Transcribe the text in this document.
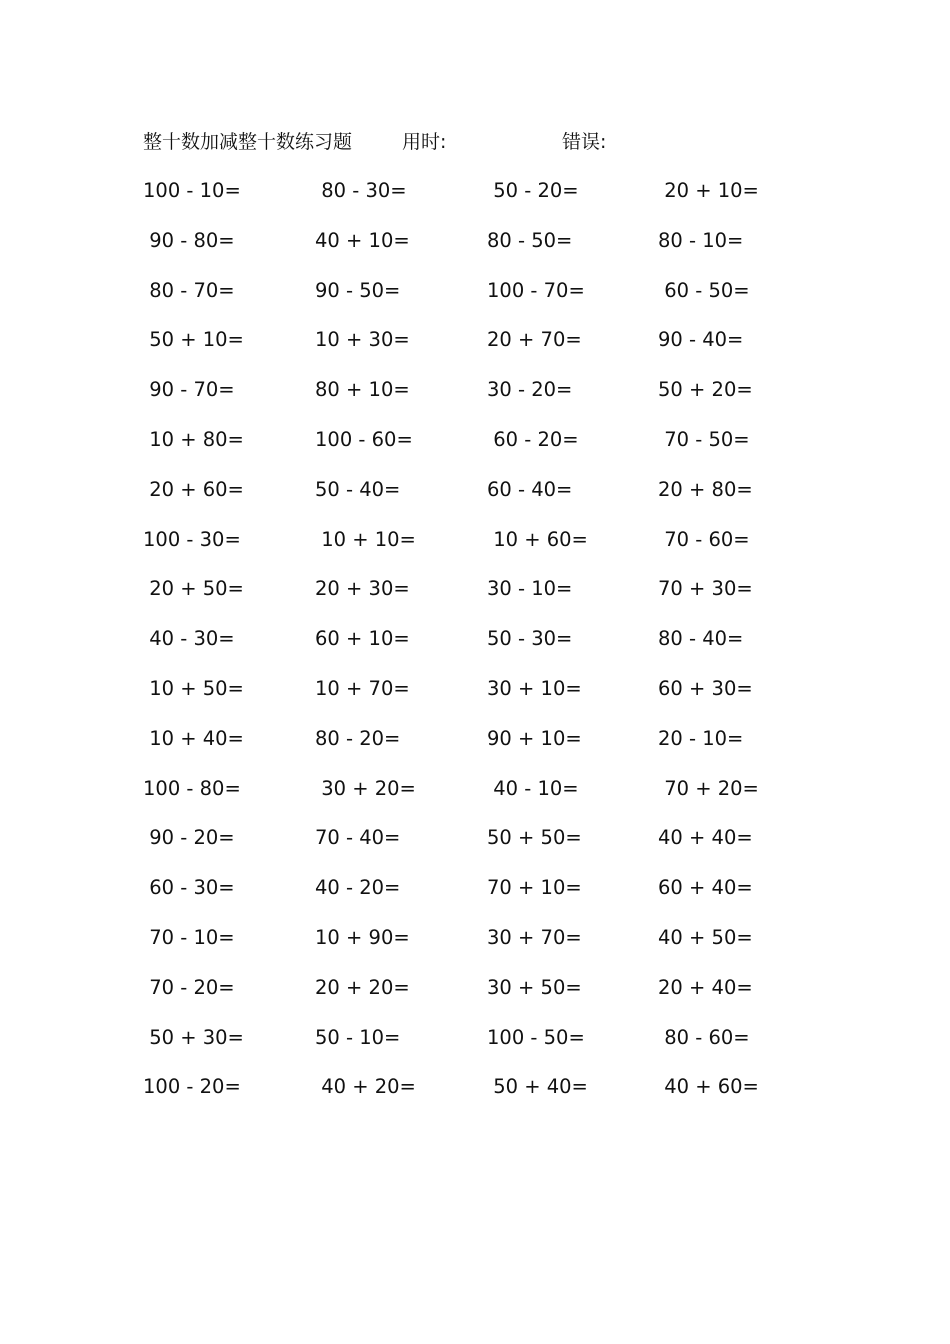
整十数加减整十数练习题	用时:	错误:
100 - 10=	80 - 30=	50 - 20=	20 + 10=
90 - 80=	40 + 10=	80 - 50=	80 - 10=
80 - 70=	90 - 50=	100 - 70=	60 - 50=
50 + 10=	10 + 30=	20 + 70=	90 - 40=
90 - 70=	80 + 10=	30 - 20=	50 + 20=
10 + 80=	100 - 60=	60 - 20=	70 - 50=
20 + 60=	50 - 40=	60 - 40=	20 + 80=
100 - 30=	10 + 10=	10 + 60=	70 - 60=
20 + 50=	20 + 30=	30 - 10=	70 + 30=
40 - 30=	60 + 10=	50 - 30=	80 - 40=
10 + 50=	10 + 70=	30 + 10=	60 + 30=
10 + 40=	80 - 20=	90 + 10=	20 - 10=
100 - 80=	30 + 20=	40 - 10=	70 + 20=
90 - 20=	70 - 40=	50 + 50=	40 + 40=
60 - 30=	40 - 20=	70 + 10=	60 + 40=
70 - 10=	10 + 90=	30 + 70=	40 + 50=
70 - 20=	20 + 20=	30 + 50=	20 + 40=
50 + 30=	50 - 10=	100 - 50=	80 - 60=
100 - 20=	40 + 20=	50 + 40=	40 + 60=
